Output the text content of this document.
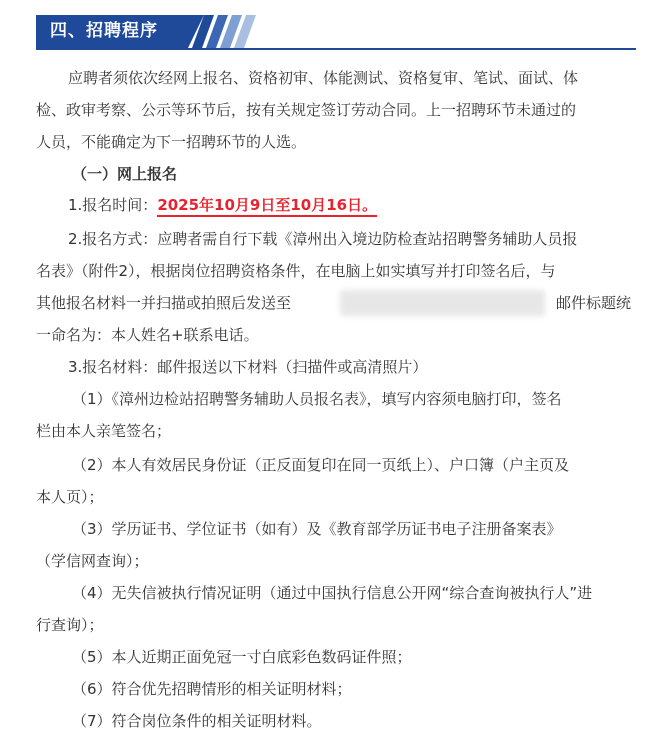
四、招聘程序
应聘者须依次经网上报名、资格初审、体能测试、资格复审、笔试、面试、体
检、政审考察、公示等环节后，按有关规定签订劳动合同。上一招聘环节未通过的
人员，不能确定为下一招聘环节的人选。
（一）网上报名
1.报名时间：2025年10月9日至10月16日。
2.报名方式：应聘者需自行下载《漳州出入境边防检查站招聘警务辅助人员报
名表》（附件2），根据岗位招聘资格条件，在电脑上如实填写并打印签名后，与
其他报名材料一并扫描或拍照后发送至	邮件标题统
一命名为：本人姓名+联系电话。
3.报名材料：邮件报送以下材料（扫描件或高清照片）
（1）《漳州边检站招聘警务辅助人员报名表》，填写内容须电脑打印，签名
栏由本人亲笔签名；
（2）本人有效居民身份证（正反面复印在同一页纸上）、户口簿（户主页及
本人页）；
（3）学历证书、学位证书（如有）及《教育部学历证书电子注册备案表》
（学信网查询）；
（4）无失信被执行情况证明（通过中国执行信息公开网“综合查询被执行人”进
行查询）；
（5）本人近期正面免冠一寸白底彩色数码证件照；
（6）符合优先招聘情形的相关证明材料；
（7）符合岗位条件的相关证明材料。
